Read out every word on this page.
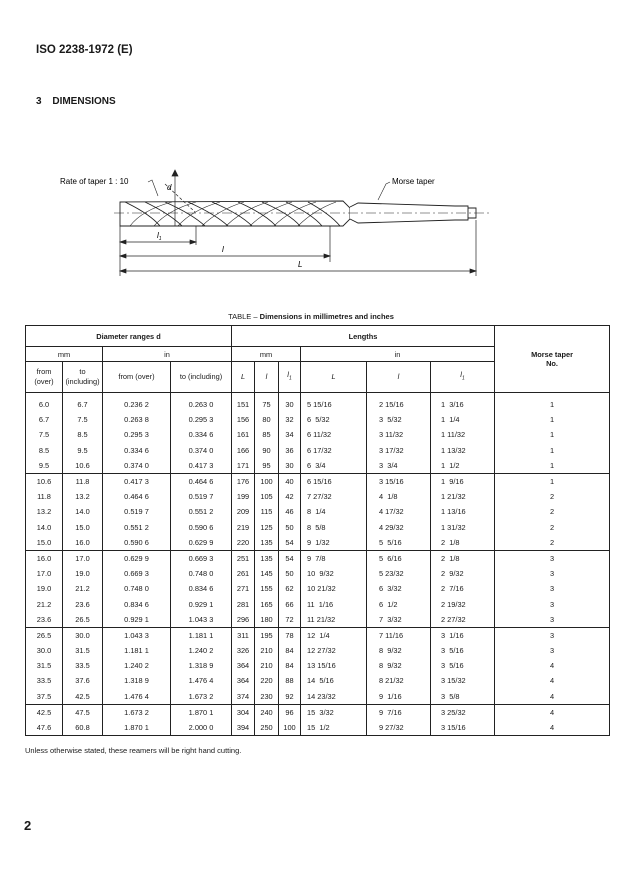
ISO 2238-1972 (E)
3 DIMENSIONS
d
Rate of taper 1 : 10	Morse taper
$l_1$
l
L
TABLE – Dimensions in millimetres and inches
Diameter ranges d				Lengths						Morse taper No.
mm		in		mm			in			
from (over)	to (including)	from (over)	to (including)	L	l	$l_1$	L	l	$l_1$
6.0	6.7	0.236 2	0.263 0	151	75	30	5 15/16	2 15/16	1  3/16	1
6.7	7.5	0.263 8	0.295 3	156	80	32	6  5/32	3  5/32	1  1/4	1
7.5	8.5	0.295 3	0.334 6	161	85	34	6 11/32	3 11/32	1 11/32	1
8.5	9.5	0.334 6	0.374 0	166	90	36	6 17/32	3 17/32	1 13/32	1
9.5	10.6	0.374 0	0.417 3	171	95	30	6  3/4	3  3/4	1  1/2	1
10.6	11.8	0.417 3	0.464 6	176	100	40	6 15/16	3 15/16	1  9/16	1
11.8	13.2	0.464 6	0.519 7	199	105	42	7 27/32	4  1/8	1 21/32	2
13.2	14.0	0.519 7	0.551 2	209	115	46	8  1/4	4 17/32	1 13/16	2
14.0	15.0	0.551 2	0.590 6	219	125	50	8  5/8	4 29/32	1 31/32	2
15.0	16.0	0.590 6	0.629 9	220	135	54	9  1/32	5  5/16	2  1/8	2
16.0	17.0	0.629 9	0.669 3	251	135	54	9  7/8	5  6/16	2  1/8	3
17.0	19.0	0.669 3	0.748 0	261	145	50	10  9/32	5 23/32	2  9/32	3
19.0	21.2	0.748 0	0.834 6	271	155	62	10 21/32	6  3/32	2  7/16	3
21.2	23.6	0.834 6	0.929 1	281	165	66	11  1/16	6  1/2	2 19/32	3
23.6	26.5	0.929 1	1.043 3	296	180	72	11 21/32	7  3/32	2 27/32	3
26.5	30.0	1.043 3	1.181 1	311	195	78	12  1/4	7 11/16	3  1/16	3
30.0	31.5	1.181 1	1.240 2	326	210	84	12 27/32	8  9/32	3  5/16	3
31.5	33.5	1.240 2	1.318 9	364	210	84	13 15/16	8  9/32	3  5/16	4
33.5	37.6	1.318 9	1.476 4	364	220	88	14  5/16	8 21/32	3 15/32	4
37.5	42.5	1.476 4	1.673 2	374	230	92	14 23/32	9  1/16	3  5/8	4
42.5	47.5	1.673 2	1.870 1	304	240	96	15  3/32	9  7/16	3 25/32	4
47.6	60.8	1.870 1	2.000 0	394	250	100	15  1/2	9 27/32	3 15/16	4
Unless otherwise stated, these reamers will be right hand cutting.
2
